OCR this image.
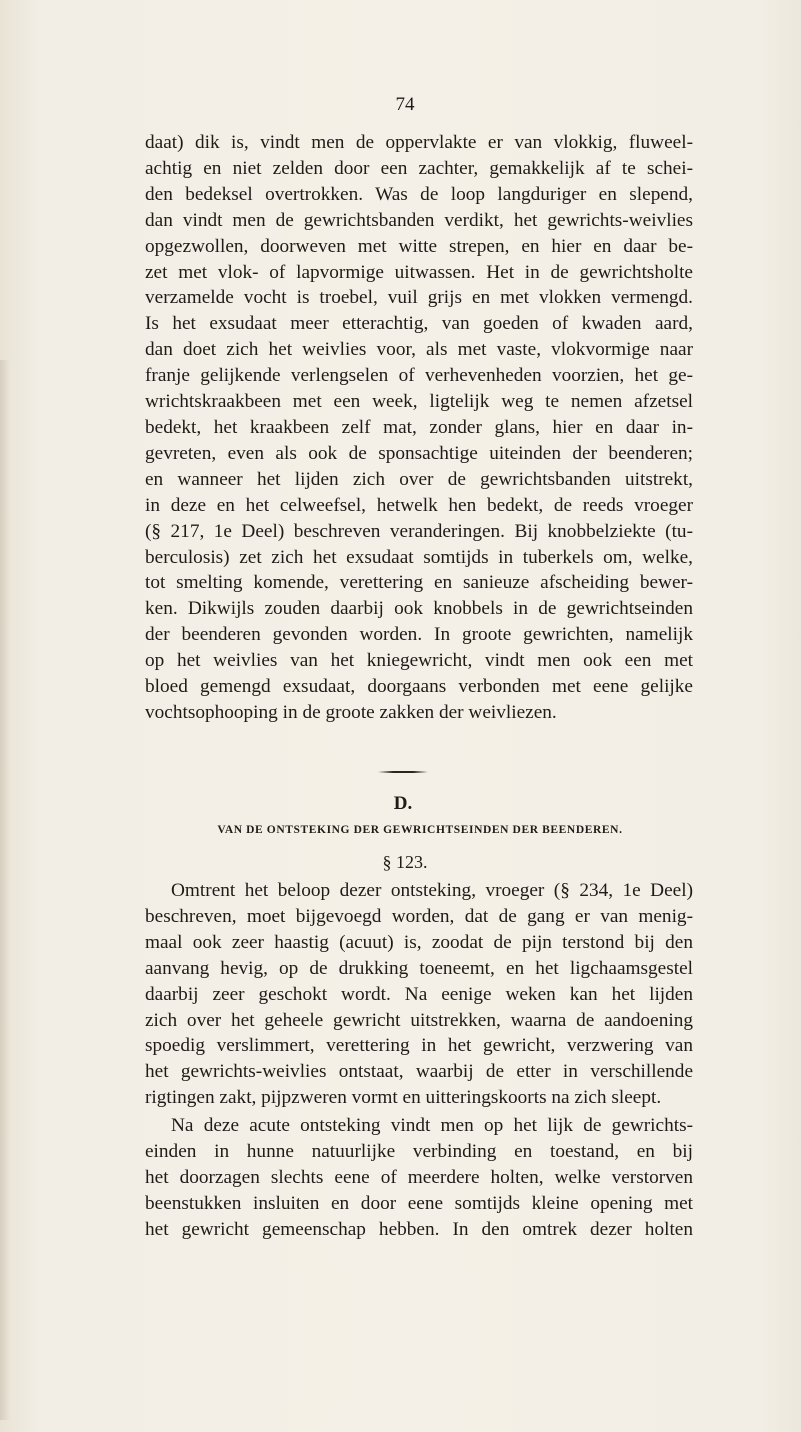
74

daat) dik is, vindt men de oppervlakte er van vlokkig, fluweel-

achtig en niet zelden door een zachter, gemakkelijk af te schei-

den bedeksel overtrokken. Was de loop langduriger en slepend,

dan vindt men de gewrichtsbanden verdikt, het gewrichts-weivlies

opgezwollen, doorweven met witte strepen, en hier en daar be-

zet met vlok- of lapvormige uitwassen. Het in de gewrichtsholte

verzamelde vocht is troebel, vuil grijs en met vlokken vermengd.

Is het exsudaat meer etterachtig, van goeden of kwaden aard,

dan doet zich het weivlies voor, als met vaste, vlokvormige naar

franje gelijkende verlengselen of verhevenheden voorzien, het ge-

wrichtskraakbeen met een week, ligtelijk weg te nemen afzetsel

bedekt, het kraakbeen zelf mat, zonder glans, hier en daar in-

gevreten, even als ook de sponsachtige uiteinden der beenderen;

en wanneer het lijden zich over de gewrichtsbanden uitstrekt,

in deze en het celweefsel, hetwelk hen bedekt, de reeds vroeger

(§ 217, 1e Deel) beschreven veranderingen. Bij knobbelziekte (tu-

berculosis) zet zich het exsudaat somtijds in tuberkels om, welke,

tot smelting komende, verettering en sanieuze afscheiding bewer-

ken. Dikwijls zouden daarbij ook knobbels in de gewrichtseinden

der beenderen gevonden worden. In groote gewrichten, namelijk

op het weivlies van het kniegewricht, vindt men ook een met

bloed gemengd exsudaat, doorgaans verbonden met eene gelijke

vochtsophooping in de groote zakken der weivliezen.

D.
VAN DE ONTSTEKING DER GEWRICHTSEINDEN DER BEENDEREN.
§ 123.

Omtrent het beloop dezer ontsteking, vroeger (§ 234, 1e Deel)

beschreven, moet bijgevoegd worden, dat de gang er van menig-

maal ook zeer haastig (acuut) is, zoodat de pijn terstond bij den

aanvang hevig, op de drukking toeneemt, en het ligchaamsgestel

daarbij zeer geschokt wordt. Na eenige weken kan het lijden

zich over het geheele gewricht uitstrekken, waarna de aandoening

spoedig verslimmert, verettering in het gewricht, verzwering van

het gewrichts-weivlies ontstaat, waarbij de etter in verschillende

rigtingen zakt, pijpzweren vormt en uitteringskoorts na zich sleept.

Na deze acute ontsteking vindt men op het lijk de gewrichts-

einden in hunne natuurlijke verbinding en toestand, en bij

het doorzagen slechts eene of meerdere holten, welke verstorven

beenstukken insluiten en door eene somtijds kleine opening met

het gewricht gemeenschap hebben. In den omtrek dezer holten
